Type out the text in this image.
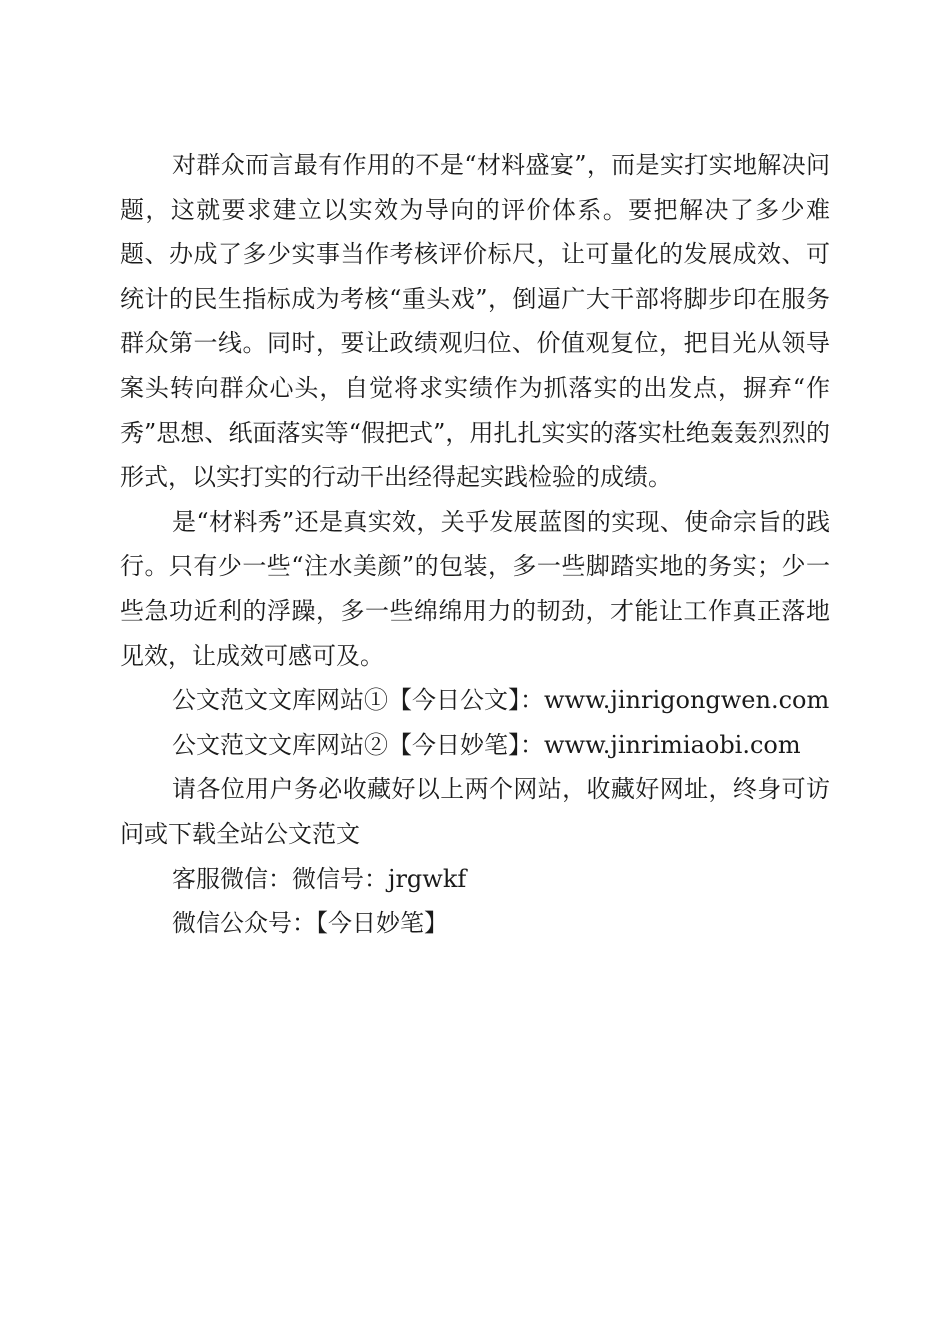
对群众而言最有作用的不是“材料盛宴”，而是实打实地解决问题，这就要求建立以实效为导向的评价体系。要把解决了多少难题、办成了多少实事当作考核评价标尺，让可量化的发展成效、可统计的民生指标成为考核“重头戏”，倒逼广大干部将脚步印在服务群众第一线。同时，要让政绩观归位、价值观复位，把目光从领导案头转向群众心头，自觉将求实绩作为抓落实的出发点，摒弃“作秀”思想、纸面落实等“假把式”，用扎扎实实的落实杜绝轰轰烈烈的形式，以实打实的行动干出经得起实践检验的成绩。

是“材料秀”还是真实效，关乎发展蓝图的实现、使命宗旨的践行。只有少一些“注水美颜”的包装，多一些脚踏实地的务实；少一些急功近利的浮躁，多一些绵绵用力的韧劲，才能让工作真正落地见效，让成效可感可及。

公文范文文库网站①【今日公文】：www.jinrigongwen.com

公文范文文库网站②【今日妙笔】：www.jinrimiaobi.com

请各位用户务必收藏好以上两个网站，收藏好网址，终身可访问或下载全站公文范文

客服微信：微信号：jrgwkf

微信公众号：【今日妙笔】
